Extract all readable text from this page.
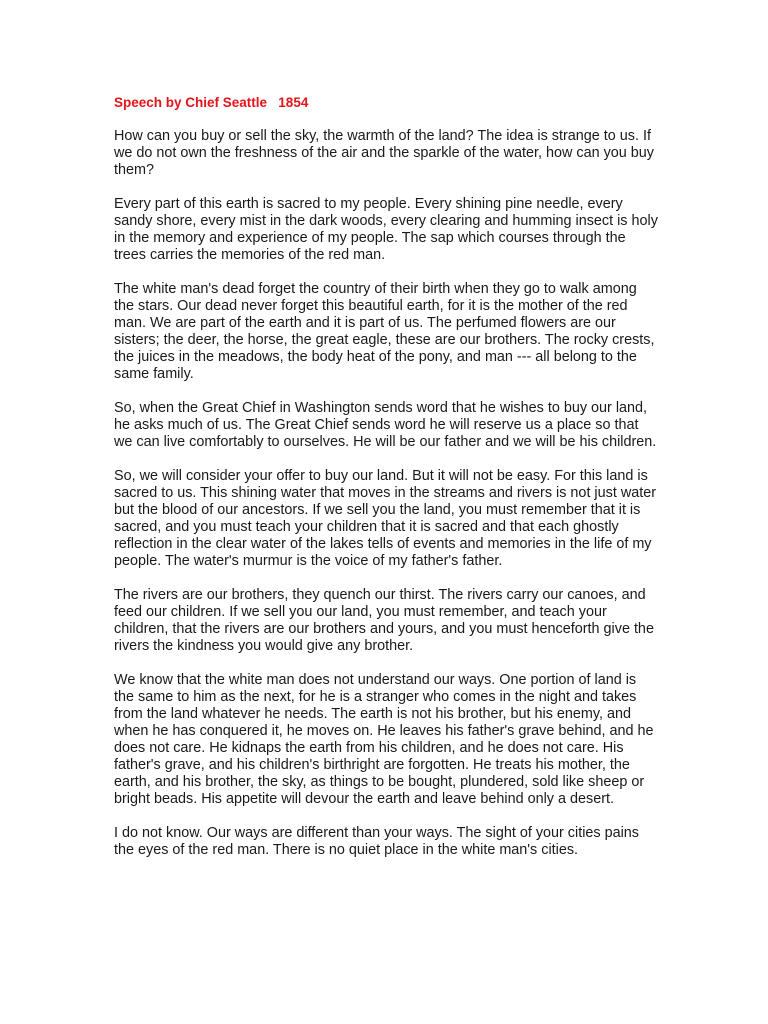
Speech by Chief Seattle   1854

How can you buy or sell the sky, the warmth of the land? The idea is strange to us. If we do not own the freshness of the air and the sparkle of the water, how can you buy them?

Every part of this earth is sacred to my people. Every shining pine needle, every sandy shore, every mist in the dark woods, every clearing and humming insect is holy in the memory and experience of my people. The sap which courses through the trees carries the memories of the red man.

The white man's dead forget the country of their birth when they go to walk among the stars. Our dead never forget this beautiful earth, for it is the mother of the red man. We are part of the earth and it is part of us. The perfumed flowers are our sisters; the deer, the horse, the great eagle, these are our brothers. The rocky crests, the juices in the meadows, the body heat of the pony, and man --- all belong to the same family.

So, when the Great Chief in Washington sends word that he wishes to buy our land, he asks much of us. The Great Chief sends word he will reserve us a place so that we can live comfortably to ourselves. He will be our father and we will be his children.

So, we will consider your offer to buy our land. But it will not be easy. For this land is sacred to us. This shining water that moves in the streams and rivers is not just water but the blood of our ancestors. If we sell you the land, you must remember that it is sacred, and you must teach your children that it is sacred and that each ghostly reflection in the clear water of the lakes tells of events and memories in the life of my people. The water's murmur is the voice of my father's father.

The rivers are our brothers, they quench our thirst. The rivers carry our canoes, and feed our children. If we sell you our land, you must remember, and teach your children, that the rivers are our brothers and yours, and you must henceforth give the rivers the kindness you would give any brother.

We know that the white man does not understand our ways. One portion of land is the same to him as the next, for he is a stranger who comes in the night and takes from the land whatever he needs. The earth is not his brother, but his enemy, and when he has conquered it, he moves on. He leaves his father's grave behind, and he does not care. He kidnaps the earth from his children, and he does not care. His father's grave, and his children's birthright are forgotten. He treats his mother, the earth, and his brother, the sky, as things to be bought, plundered, sold like sheep or bright beads. His appetite will devour the earth and leave behind only a desert.

I do not know. Our ways are different than your ways. The sight of your cities pains the eyes of the red man. There is no quiet place in the white man's cities.
